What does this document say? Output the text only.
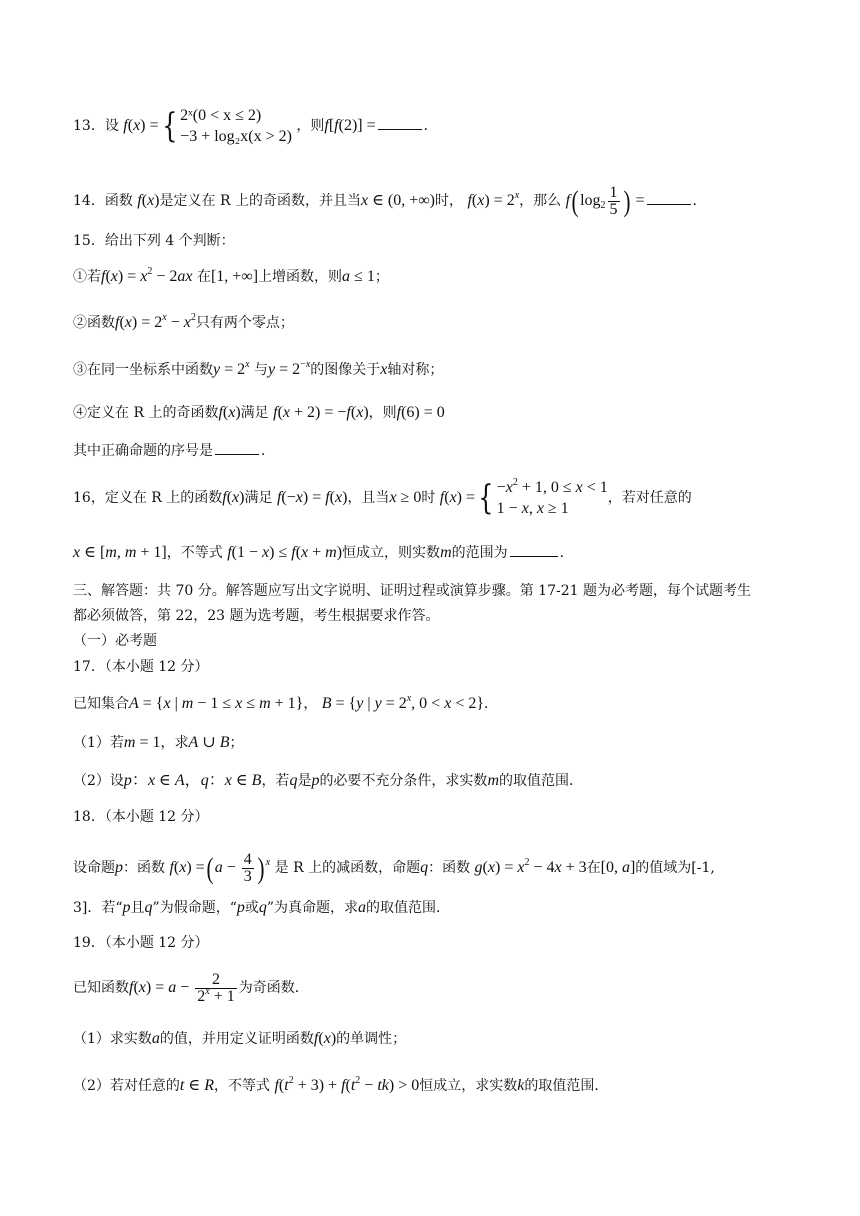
13．设 f(x) ={ 2ˣ(0 < x ≤ 2)
−3 + log₂x(x > 2) ，则f[f(2)] =	．
14．函数 f(x)是定义在 R 上的奇函数，并且当x ∈ (0, +∞)时， $f(x) = 2^x$，那么 $f(\log_2 \frac{1}{5}$ ) =	．
15．给出下列 4 个判断：
①若$f(x) = x^2 - 2ax$ 在[1, +∞]上增函数，则a ≤ 1；
②函数$f(x) = 2^x - x^2$只有两个零点；
③在同一坐标系中函数$y = 2^x$ 与$y = 2^{-x}$的图像关于x轴对称；
④定义在 R 上的奇函数f(x)满足 f(x + 2) = −f(x)，则f(6) = 0
其中正确命题的序号是	．
16，定义在 R 上的函数f(x)满足 f(−x) = f(x)，且当x ≥ 0时 f(x) ={ $-x^2 + 1$, 0 ≤ x < 1
1 − x, x ≥ 1，若对任意的
x ∈ [m, m + 1]，不等式 f(1 − x) ≤ f(x + m)恒成立，则实数m的范围为	．
三、解答题：共 70 分。解答题应写出文字说明、证明过程或演算步骤。第 17-21 题为必考题，每个试题考生
都必须做答，第 22，23 题为选考题，考生根据要求作答。
（一）必考题
17．（本小题 12 分）
已知集合A = {x | m − 1 ≤ x ≤ m + 1}， B = {y | $y = 2^x$, 0 < x < 2}．
（1）若m = 1，求A ∪ B；
（2）设p：x ∈ A，q：x ∈ B，若q是p的必要不充分条件，求实数m的取值范围．
18．（本小题 12 分）
设命题p：函数 $f(x) =(a - \frac{4}{3}$ ) $^x$ 是 R 上的减函数，命题q：函数 $g(x) = x^2 - 4x + 3$在[0, a]的值域为[-1,
3]．若“p且q”为假命题，“p或q”为真命题，求a的取值范围．
19．（本小题 12 分）
已知函数$f(x) = a - \frac{2}{2^x + 1}$ 为奇函数．
（1）求实数a的值，并用定义证明函数f(x)的单调性；
（2）若对任意的t ∈ R，不等式 $f(t^2 + 3) + f(t^2 - tk) > 0$恒成立，求实数k的取值范围．
